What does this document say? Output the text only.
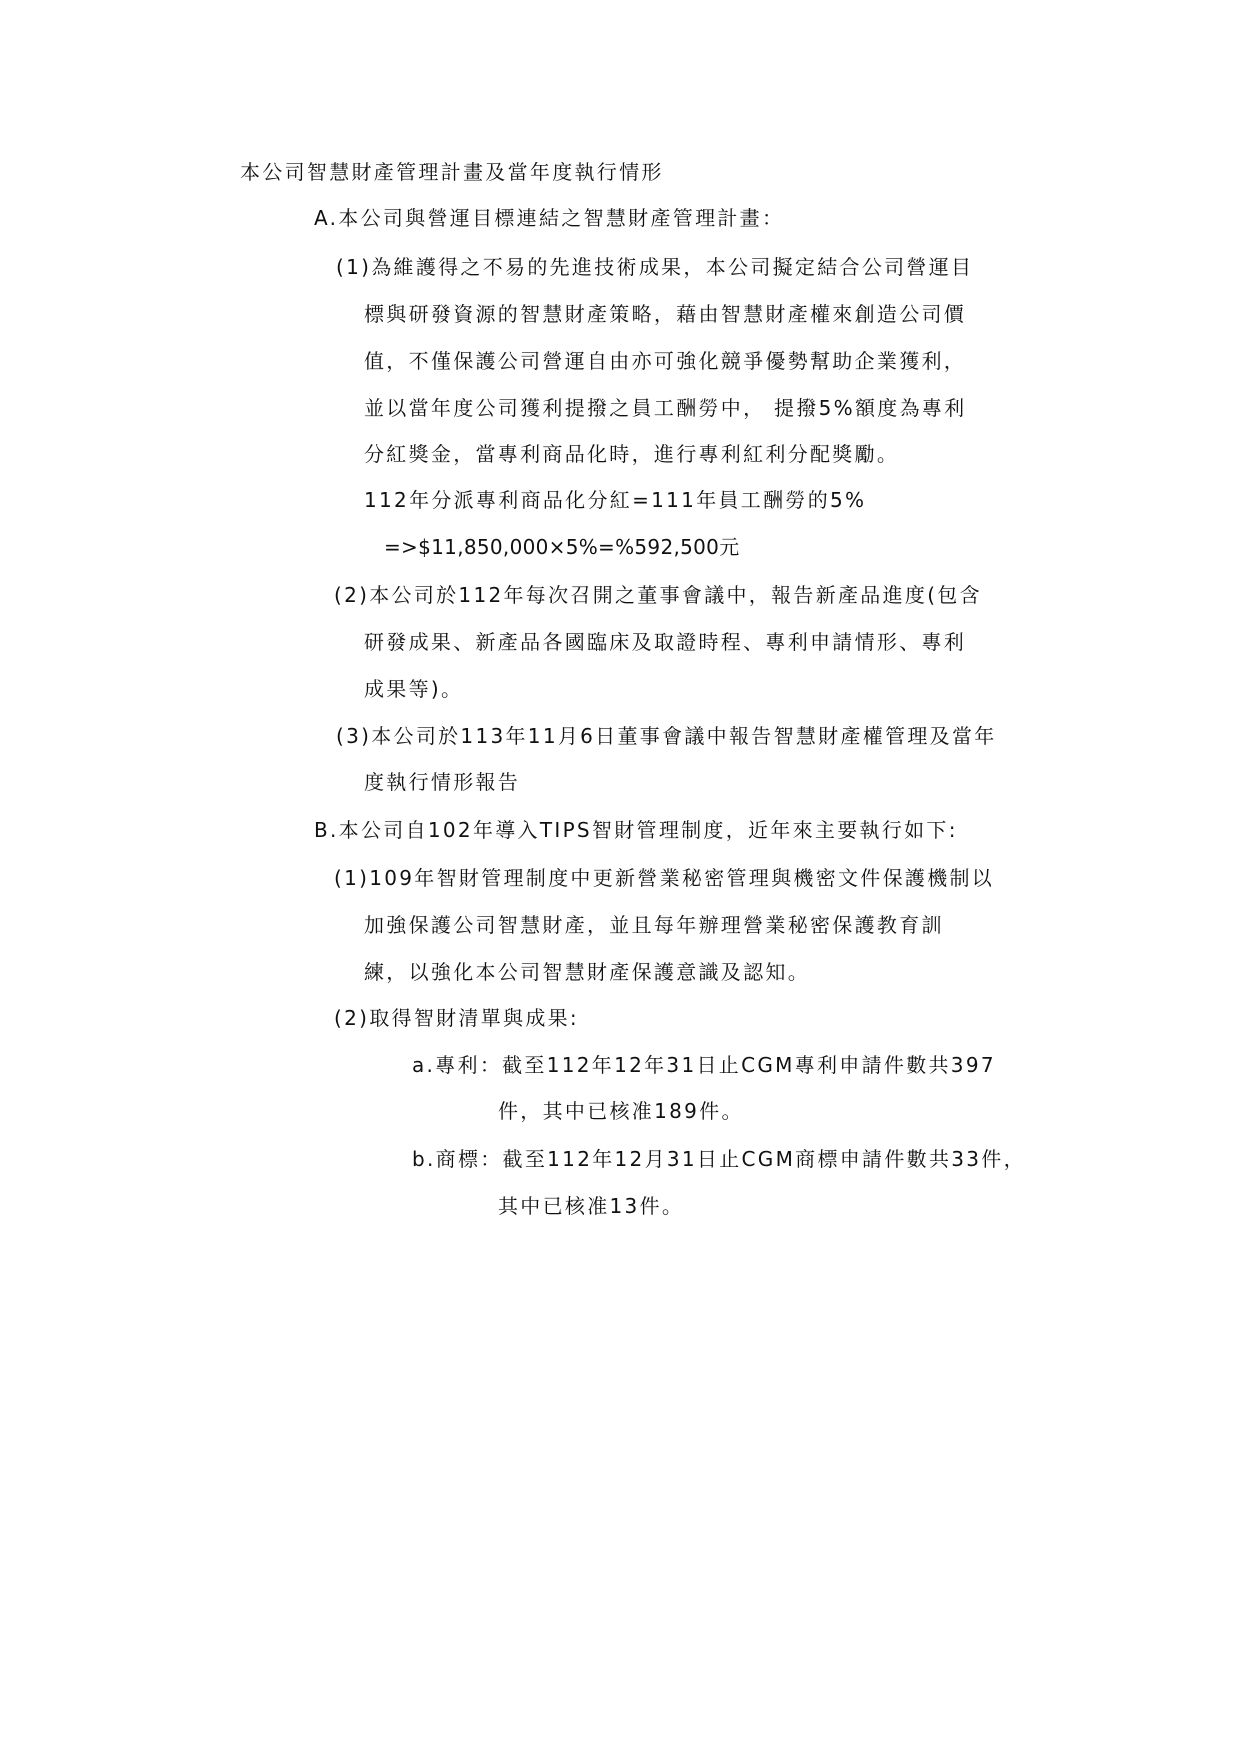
本公司智慧財產管理計畫及當年度執行情形
A.本公司與營運目標連結之智慧財產管理計畫：
(1)為維護得之不易的先進技術成果，本公司擬定結合公司營運目
標與研發資源的智慧財產策略，藉由智慧財產權來創造公司價
值，不僅保護公司營運自由亦可強化競爭優勢幫助企業獲利，
並以當年度公司獲利提撥之員工酬勞中， 提撥5%額度為專利
分紅獎金，當專利商品化時，進行專利紅利分配獎勵。
112年分派專利商品化分紅=111年員工酬勞的5%
=>$11,850,000×5%=%592,500元
(2)本公司於112年每次召開之董事會議中，報告新產品進度(包含
研發成果、新產品各國臨床及取證時程、專利申請情形、專利
成果等)。
(3)本公司於113年11月6日董事會議中報告智慧財產權管理及當年
度執行情形報告
B.本公司自102年導入TIPS智財管理制度，近年來主要執行如下:
(1)109年智財管理制度中更新營業秘密管理與機密文件保護機制以
加強保護公司智慧財產，並且每年辦理營業秘密保護教育訓
練，以強化本公司智慧財產保護意識及認知。
(2)取得智財清單與成果:
a.專利：截至112年12年31日止CGM專利申請件數共397
件，其中已核准189件。
b.商標：截至112年12月31日止CGM商標申請件數共33件，
其中已核准13件。
